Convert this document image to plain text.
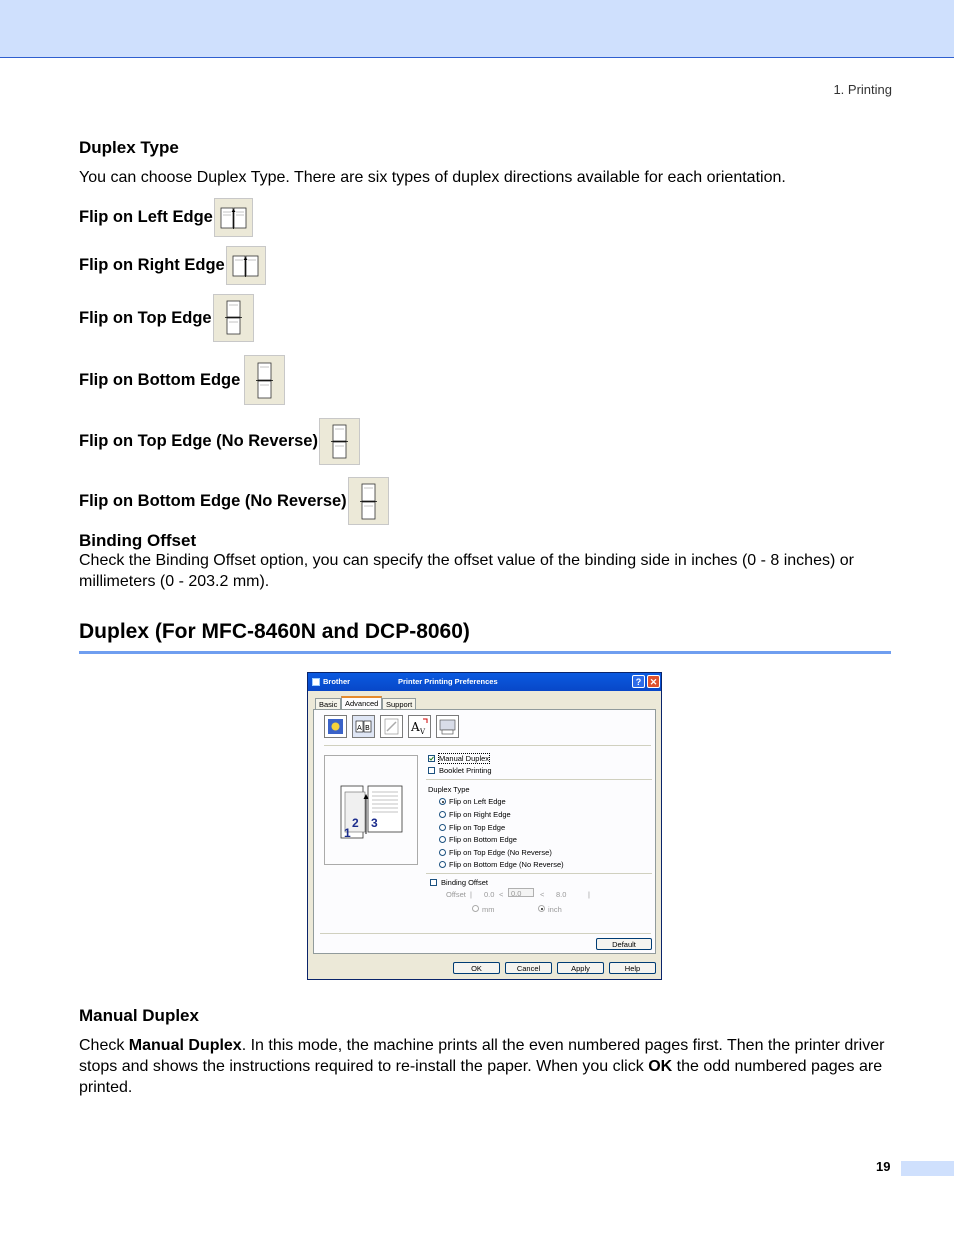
1. Printing
Duplex Type
You can choose Duplex Type. There are six types of duplex directions available for each orientation.
Flip on Left Edge
Flip on Right Edge
Flip on Top Edge
Flip on Bottom Edge
Flip on Top Edge (No Reverse)
Flip on Bottom Edge (No Reverse)
Binding Offset
Check the Binding Offset option, you can specify the offset value of the binding side in inches (0 - 8 inches) or millimeters (0 - 203.2 mm).
Duplex (For MFC-8460N and DCP-8060)
Brother	Printer Printing Preferences	? ✕
Basic	Advanced	Support
A B	A V
1
2 3
Manual Duplex
Booklet Printing
Duplex Type
Flip on Left Edge
Flip on Right Edge
Flip on Top Edge
Flip on Bottom Edge
Flip on Top Edge (No Reverse)
Flip on Bottom Edge (No Reverse)
Binding Offset
Offset | 0.0 <	0.0	< 8.0	|
mm	inch
Default
OK	Cancel	Apply	Help
Manual Duplex
Check Manual Duplex. In this mode, the machine prints all the even numbered pages first. Then the printer driver stops and shows the instructions required to re-install the paper. When you click OK the odd numbered pages are printed.
19
